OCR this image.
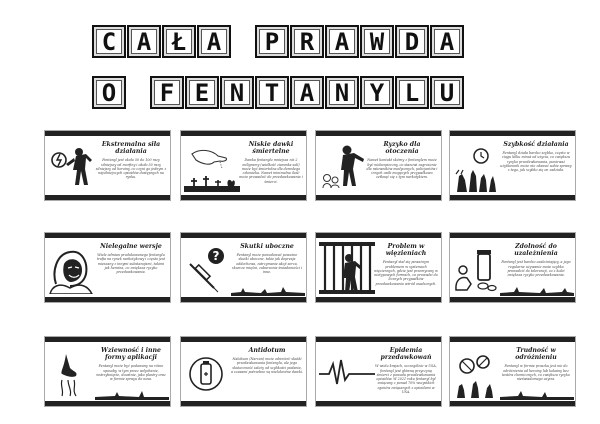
C A Ł A	P R A W D A
O	F E N T A N Y L U
Ekstremalna siła działania
Fentanyl jest około 50 do 100 razy silniejszy od morfiny i około 30 razy silniejszy od heroiny, co czyni go jednym z najsilniejszych opioidów dostępnych na rynku.
Niskie dawki śmiertelne
Dawka fentanylu mniejsza niż 2 miligramy (wielkość ziarenka soli) może być śmiertelna dla dorosłego człowieka. Nawet minimalna ilość może prowadzić do przedawkowania i śmierci.
Ryzyko dla otoczenia
Nawet kontakt skórny z fentanylem może być niebezpieczny, co stanowi zagrożenie dla ratowników medycznych, policjantów i innych osób mogących przypadkowo zetknąć się z tym narkotykiem.
Szybkość działania
Fentanyl działa bardzo szybko, często w ciągu kilku minut od użycia, co zwiększa ryzyko przedawkowania, ponieważ użytkownik może nie zdawać sobie sprawy z tego, jak szybko się on zadziała.
Nielegalne wersje
Wiele odmian produkowanego fentanylu trafia na rynek narkotykowy i często jest mieszany z innymi substancjami, takimi jak heroina, co zwiększa ryzyko przedawkowania.
?
Skutki uboczne
Fentanyl może powodować poważne skutki uboczne, takie jak depresja oddechowa, zatrzymanie akcji serca, skurcze mięśni, zaburzenia świadomości i inne.
Problem w więzieniach
Fentanyl stał się poważnym problemem w systemach więziennych, gdzie jest przemycany w nietypowych formach, co prowadzi do licznych przypadków przedawkowania wśród osadzonych.
Zdolność do uzależnienia
Fentanyl jest bardzo uzależniający, a jego regularne używanie może szybko prowadzić do tolerancji, co z kolei zwiększa ryzyko przedawkowania.
Wziewność i inne formy aplikacji
Fentanyl może być podawany na różne sposoby, w tym przez wdychanie, wstrzyknięcie, doustnie, jako plastry oraz w formie sprayu do nosa.
Antidotum
Nalokson (Narcan) może odwrócić skutki przedawkowania fentanylu, ale jego skuteczność zależy od szybkości podania, a czasami potrzebne są wielokrotne dawki.
Epidemia przedawkowań
W wielu krajach, szczególnie w USA, fentanyl jest główną przyczyną śmierci z powodu przedawkowania opioidów. W 2021 roku fentanyl był związany z ponad 70% wszystkich zgonów związanych z opioidami w USA.
Trudność w odróżnieniu
Fentanyl w formie proszku jest nie do odróżnienia od heroiny lub kokainy bez testów chemicznych, co zwiększa ryzyko nieświadomego użycia.
